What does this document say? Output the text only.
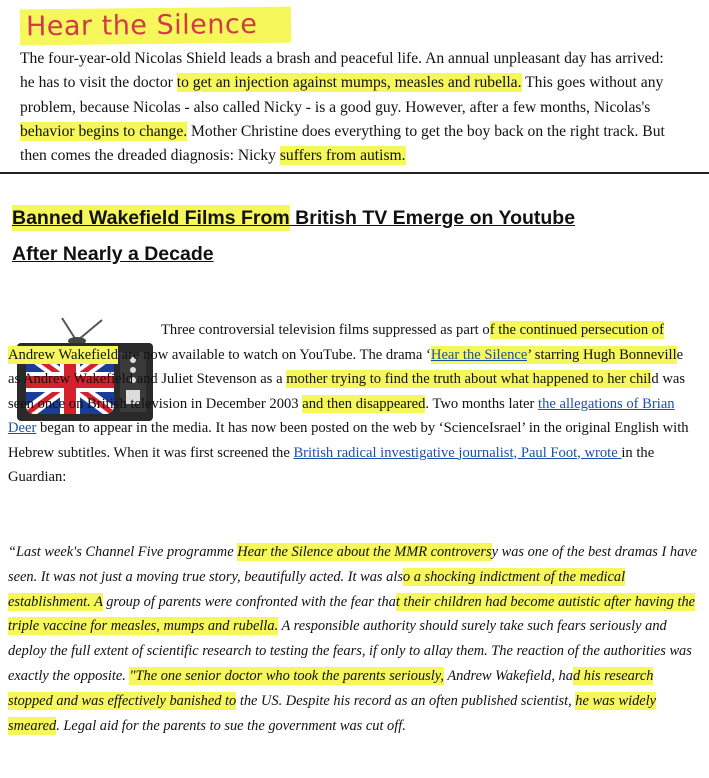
Hear the Silence

The four-year-old Nicolas Shield leads a brash and peaceful life. An annual unpleasant day has arrived: he has to visit the doctor to get an injection against mumps, measles and rubella. This goes without any problem, because Nicolas - also called Nicky - is a good guy. However, after a few months, Nicolas's behavior begins to change. Mother Christine does everything to get the boy back on the right track. But then comes the dreaded diagnosis: Nicky suffers from autism.

Banned Wakefield Films From British TV Emerge on Youtube
After Nearly a Decade

Three controversial television films suppressed as part of the continued persecution of Andrew Wakefield are now available to watch on YouTube. The drama ‘Hear the Silence’ starring Hugh Bonneville as Andrew Wakefield and Juliet Stevenson as a mother trying to find the truth about what happened to her child was seen once on British television in December 2003 and then disappeared. Two months later the allegations of Brian Deer began to appear in the media. It has now been posted on the web by ‘ScienceIsrael’ in the original English with Hebrew subtitles. When it was first screened the British radical investigative journalist, Paul Foot, wrote in the Guardian:

“Last week's Channel Five programme Hear the Silence about the MMR controversy was one of the best dramas I have seen. It was not just a moving true story, beautifully acted. It was also a shocking indictment of the medical establishment. A group of parents were confronted with the fear that their children had become autistic after having the triple vaccine for measles, mumps and rubella. A responsible authority should surely take such fears seriously and deploy the full extent of scientific research to testing the fears, if only to allay them. The reaction of the authorities was exactly the opposite. "The one senior doctor who took the parents seriously, Andrew Wakefield, had his research stopped and was effectively banished to the US. Despite his record as an often published scientist, he was widely smeared. Legal aid for the parents to sue the government was cut off.
